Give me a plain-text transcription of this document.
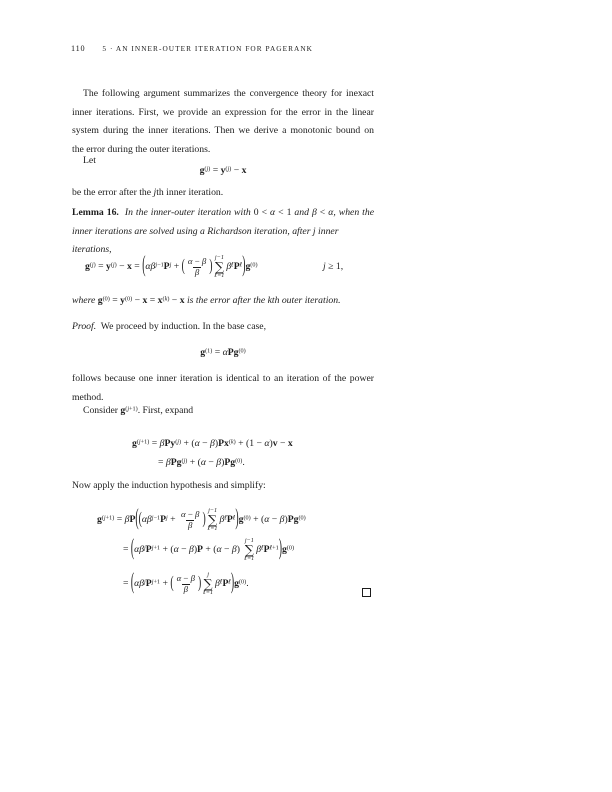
110 5 · AN INNER-OUTER ITERATION FOR PAGERANK
The following argument summarizes the convergence theory for inexact
inner iterations. First, we provide an expression for the error in the linear
system during the inner iterations. Then we derive a monotonic bound on
the error during the outer iterations.
Let
$g^{(j)} = y^{(j)} - x$
be the error after the jth inner iteration.
Lemma 16. In the inner-outer iteration with 0 < α < 1 and β < α, when the
inner iterations are solved using a Richardson iteration, after j inner iterations,
$g^{(j)} = y^{(j)} - x = (\alpha\beta^{j-1}P^j$ + ( $\frac{\alpha - \beta}{\beta}$ ) j−1
∑
ℓ=1
$\beta^\ell P^\ell)g^{(0)}$	j ≥ 1,
where $g^{(0)} = y^{(0)} - x = x^{(k)} - x$ is the error after the kth outer iteration.
Proof.  We proceed by induction. In the base case,
$g^{(1)} = \alpha Pg^{(0)}$
follows because one inner iteration is identical to an iteration of the power
method.
Consider $g^{(j+1)}$. First, expand
$g^{(j+1)} = \beta Py^{(j)} + (\alpha - \beta)Px^{(k)} + (1 - \alpha)v - x$
= $\beta Pg^{(j)} + (\alpha - \beta)Pg^{(0)}$.
Now apply the induction hypothesis and simplify:
$g^{(j+1)} = \beta P((\alpha\beta^{j-1}P^j + \frac{\alpha - \beta}{\beta}$ ) j−1
∑
ℓ=1
$\beta^\ell P^\ell)g^{(0)} + (\alpha - \beta)Pg^{(0)}$
= ($\alpha\beta^jP^{j+1} + (\alpha - \beta)P + (\alpha - \beta)$
j−1
∑
ℓ=1
$\beta^\ell P^{\ell+1})g^{(0)}$
= ($\alpha\beta^jP^{j+1}$ + ( $\frac{\alpha - \beta}{\beta}$ ) j
∑
ℓ=1
$\beta^\ell P^\ell)g^{(0)}$.
